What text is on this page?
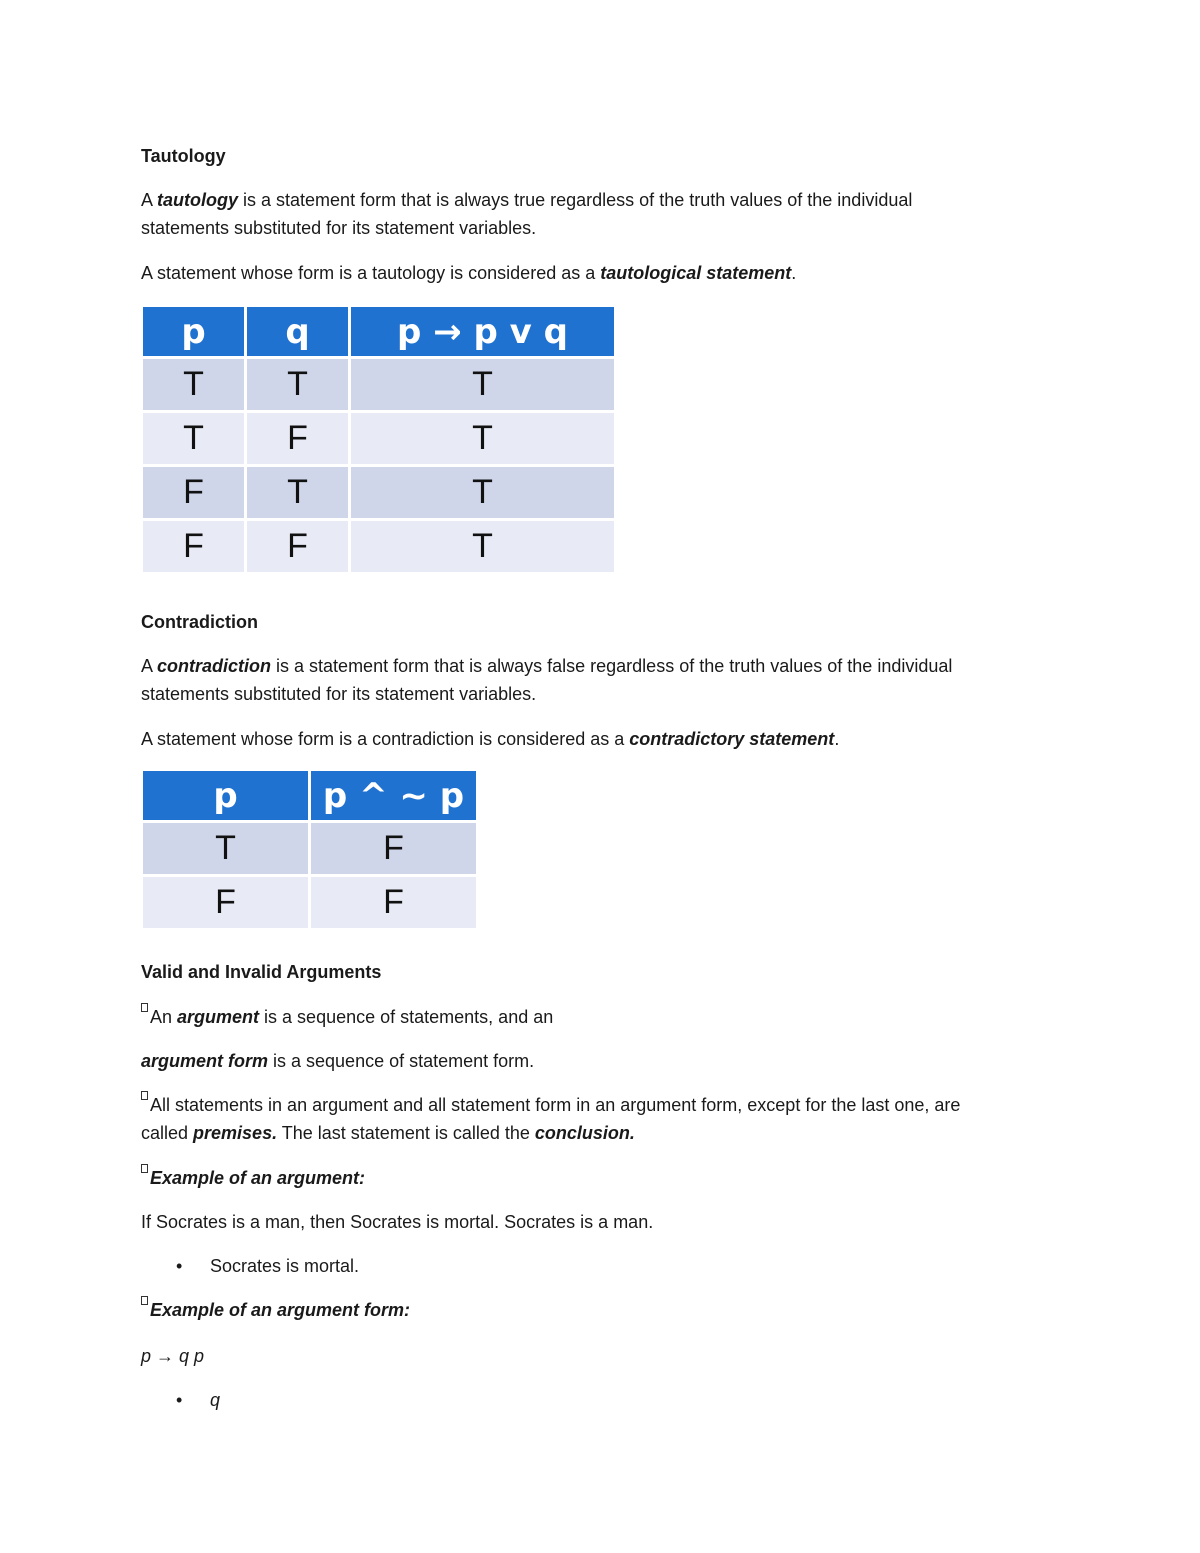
Tautology

A tautology is a statement form that is always true regardless of the truth values of the individual

statements substituted for its statement variables.

A statement whose form is a tautology is considered as a tautological statement.

p	q	p → p v q
T	T	T
T	F	T
F	T	T
F	F	T

Contradiction

A contradiction is a statement form that is always false regardless of the truth values of the individual

statements substituted for its statement variables.

A statement whose form is a contradiction is considered as a contradictory statement.

p	p ^ ~ p
T	F
F	F

Valid and Invalid Arguments

An argument is a sequence of statements, and an

argument form is a sequence of statement form.

All statements in an argument and all statement form in an argument form, except for the last one, are

called premises. The last statement is called the conclusion.

Example of an argument:

If Socrates is a man, then Socrates is mortal. Socrates is a man.

• Socrates is mortal.

Example of an argument form:

p → q p

• q
